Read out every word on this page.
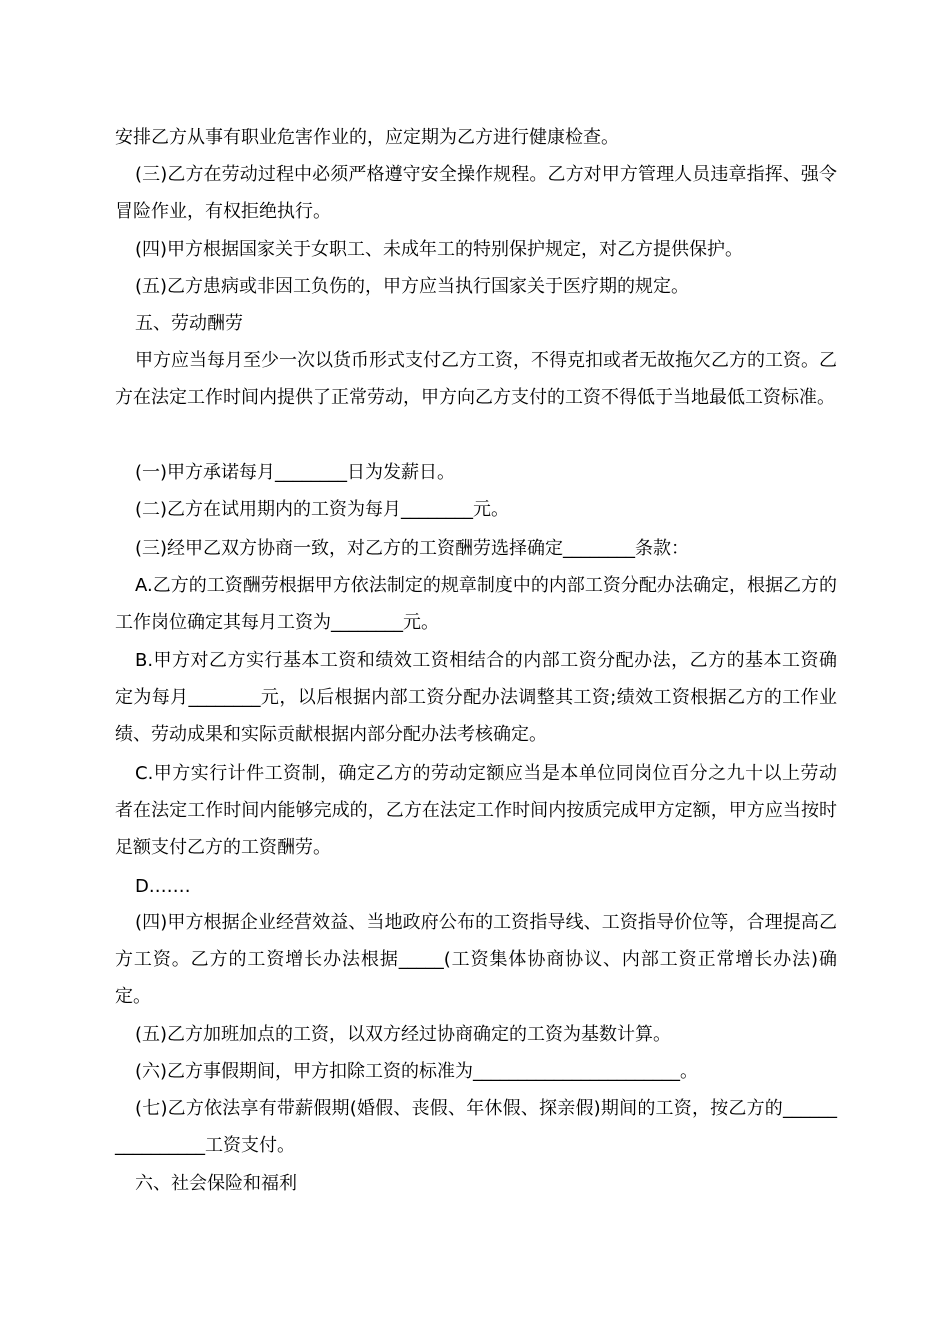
安排乙方从事有职业危害作业的，应定期为乙方进行健康检查。

(三)乙方在劳动过程中必须严格遵守安全操作规程。乙方对甲方管理人员违章指挥、强令冒险作业，有权拒绝执行。

(四)甲方根据国家关于女职工、未成年工的特别保护规定，对乙方提供保护。

(五)乙方患病或非因工负伤的，甲方应当执行国家关于医疗期的规定。

五、劳动酬劳

甲方应当每月至少一次以货币形式支付乙方工资，不得克扣或者无故拖欠乙方的工资。乙方在法定工作时间内提供了正常劳动，甲方向乙方支付的工资不得低于当地最低工资标准。

(一)甲方承诺每月________日为发薪日。

(二)乙方在试用期内的工资为每月________元。

(三)经甲乙双方协商一致，对乙方的工资酬劳选择确定________条款：

A.乙方的工资酬劳根据甲方依法制定的规章制度中的内部工资分配办法确定，根据乙方的工作岗位确定其每月工资为________元。

B.甲方对乙方实行基本工资和绩效工资相结合的内部工资分配办法，乙方的基本工资确定为每月________元，以后根据内部工资分配办法调整其工资;绩效工资根据乙方的工作业绩、劳动成果和实际贡献根据内部分配办法考核确定。

C.甲方实行计件工资制，确定乙方的劳动定额应当是本单位同岗位百分之九十以上劳动者在法定工作时间内能够完成的，乙方在法定工作时间内按质完成甲方定额，甲方应当按时足额支付乙方的工资酬劳。

D.……

(四)甲方根据企业经营效益、当地政府公布的工资指导线、工资指导价位等，合理提高乙方工资。乙方的工资增长办法根据_____(工资集体协商协议、内部工资正常增长办法)确定。

(五)乙方加班加点的工资，以双方经过协商确定的工资为基数计算。

(六)乙方事假期间，甲方扣除工资的标准为_______________________。

(七)乙方依法享有带薪假期(婚假、丧假、年休假、探亲假)期间的工资，按乙方的________________工资支付。

六、社会保险和福利
